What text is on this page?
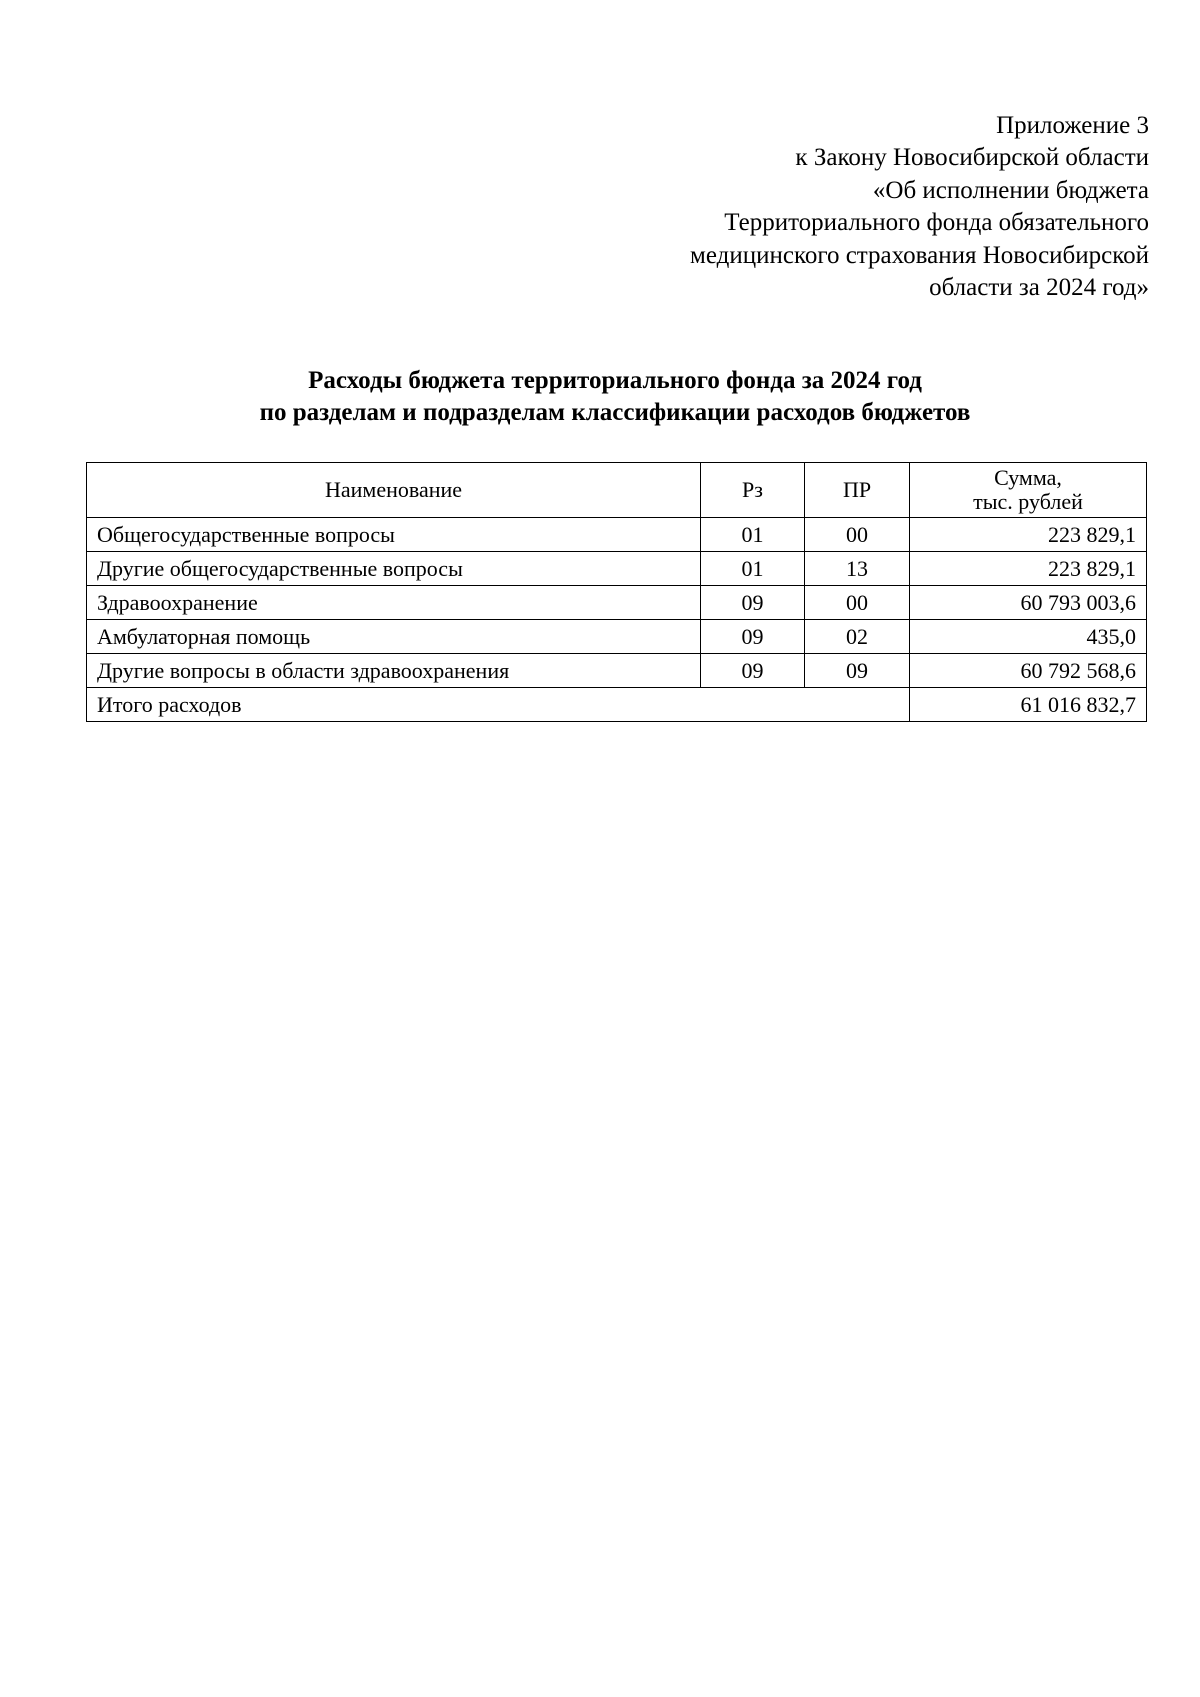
Приложение 3
к Закону Новосибирской области
«Об исполнении бюджета
Территориального фонда обязательного
медицинского страхования Новосибирской
области за 2024 год»
Расходы бюджета территориального фонда за 2024 год
по разделам и подразделам классификации расходов бюджетов
Наименование	Рз	ПР	Сумма,
тыс. рублей

Общегосударственные вопросы	01	00	223 829,1
Другие общегосударственные вопросы	01	13	223 829,1
Здравоохранение	09	00	60 793 003,6
Амбулаторная помощь	09	02	435,0
Другие вопросы в области здравоохранения	09	09	60 792 568,6
Итого расходов			61 016 832,7
